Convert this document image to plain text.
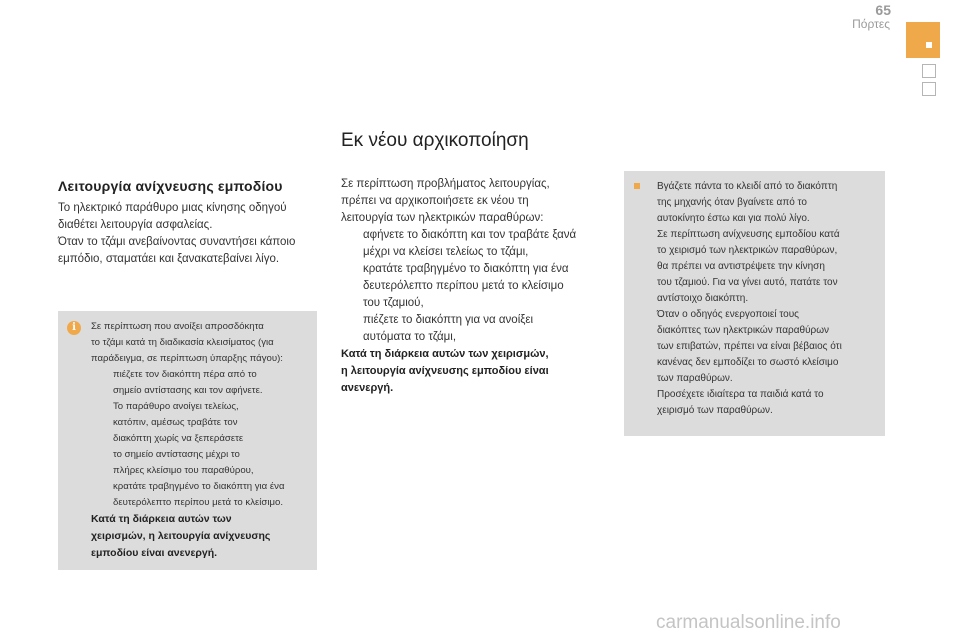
65
Πόρτες
Εκ νέου αρχικοποίηση
Λειτουργία ανίχνευσης εμποδίου
Το ηλεκτρικό παράθυρο μιας κίνησης οδηγού
διαθέτει λειτουργία ασφαλείας.
Όταν το τζάμι ανεβαίνοντας συναντήσει κάποιο
εμπόδιο, σταματάει και ξανακατεβαίνει λίγο.
i	Σε περίπτωση που ανοίξει απροσδόκητα
το τζάμι κατά τη διαδικασία κλεισίματος (για
παράδειγμα, σε περίπτωση ύπαρξης πάγου):
πιέζετε τον διακόπτη πέρα από το
σημείο αντίστασης και τον αφήνετε.
Το παράθυρο ανοίγει τελείως,
κατόπιν, αμέσως τραβάτε τον
διακόπτη χωρίς να ξεπεράσετε
το σημείο αντίστασης μέχρι το
πλήρες κλείσιμο του παραθύρου,
κρατάτε τραβηγμένο το διακόπτη για ένα
δευτερόλεπτο περίπου μετά το κλείσιμο.
Κατά τη διάρκεια αυτών των
χειρισμών, η λειτουργία ανίχνευσης
εμποδίου είναι ανενεργή.
Σε περίπτωση προβλήματος λειτουργίας,
πρέπει να αρχικοποιήσετε εκ νέου τη
λειτουργία των ηλεκτρικών παραθύρων:
αφήνετε το διακόπτη και τον τραβάτε ξανά
μέχρι να κλείσει τελείως το τζάμι,
κρατάτε τραβηγμένο το διακόπτη για ένα
δευτερόλεπτο περίπου μετά το κλείσιμο
του τζαμιού,
πιέζετε το διακόπτη για να ανοίξει
αυτόματα το τζάμι,
Κατά τη διάρκεια αυτών των χειρισμών,
η λειτουργία ανίχνευσης εμποδίου είναι
ανενεργή.
Βγάζετε πάντα το κλειδί από το διακόπτη
της μηχανής όταν βγαίνετε από το
αυτοκίνητο έστω και για πολύ λίγο.
Σε περίπτωση ανίχνευσης εμποδίου κατά
το χειρισμό των ηλεκτρικών παραθύρων,
θα πρέπει να αντιστρέψετε την κίνηση
του τζαμιού. Για να γίνει αυτό, πατάτε τον
αντίστοιχο διακόπτη.
Όταν ο οδηγός ενεργοποιεί τους
διακόπτες των ηλεκτρικών παραθύρων
των επιβατών, πρέπει να είναι βέβαιος ότι
κανένας δεν εμποδίζει το σωστό κλείσιμο
των παραθύρων.
Προσέχετε ιδιαίτερα τα παιδιά κατά το
χειρισμό των παραθύρων.
carmanualsonline.info
